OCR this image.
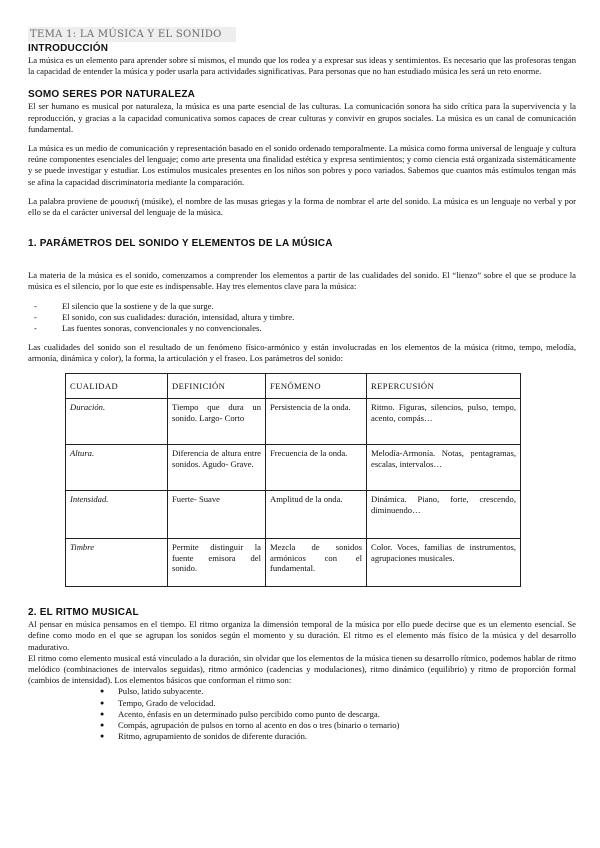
TEMA 1: LA MÚSICA Y EL SONIDO
INTRODUCCIÓN

La música es un elemento para aprender sobre sí mismos, el mundo que los rodea y a expresar sus ideas y sentimientos. Es necesario que las profesoras tengan la capacidad de entender la música y poder usarla para actividades significativas. Para personas que no han estudiado música les será un reto enorme.

SOMO SERES POR NATURALEZA

El ser humano es musical por naturaleza, la música es una parte esencial de las culturas. La comunicación sonora ha sido crítica para la supervivencia y la reproducción, y gracias a la capacidad comunicativa somos capaces de crear culturas y convivir en grupos sociales. La música es un canal de comunicación fundamental.

La música es un medio de comunicación y representación basado en el sonido ordenado temporalmente. La música como forma universal de lenguaje y cultura reúne componentes esenciales del lenguaje; como arte presenta una finalidad estética y expresa sentimientos; y como ciencia está organizada sistemáticamente y se puede investigar y estudiar. Los estímulos musicales presentes en los niños son pobres y poco variados. Sabemos que cuantos más estímulos tengan más se afina la capacidad discriminatoria mediante la comparación.

La palabra proviene de μουσική (músike), el nombre de las musas griegas y la forma de nombrar el arte del sonido. La música es un lenguaje no verbal y por ello se da el carácter universal del lenguaje de la música.

1. PARÁMETROS DEL SONIDO Y ELEMENTOS DE LA MÚSICA

La materia de la música es el sonido, comenzamos a comprender los elementos a partir de las cualidades del sonido. El “lienzo” sobre el que se produce la música es el silencio, por lo que este es indispensable. Hay tres elementos clave para la música:

- El silencio que la sostiene y de la que surge.
- El sonido, con sus cualidades: duración, intensidad, altura y timbre.
- Las fuentes sonoras, convencionales y no convencionales.

Las cualidades del sonido son el resultado de un fenómeno físico-armónico y están involucradas en los elementos de la música (ritmo, tempo, melodía, armonía, dinámica y color), la forma, la articulación y el fraseo. Los parámetros del sonido:

CUALIDAD	DEFINICIÓN	FENÓMENO	REPERCUSIÓN
Duración.	Tiempo que dura un sonido. Largo- Corto	Persistencia de la onda.	Ritmo. Figuras, silencios, pulso, tempo, acento, compás…
Altura.	Diferencia de altura entre sonidos. Agudo- Grave.	Frecuencia de la onda.	Melodía-Armonía. Notas, pentagramas, escalas, intervalos…
Intensidad.	Fuerte- Suave	Amplitud de la onda.	Dinámica. Piano, forte, crescendo, diminuendo…
Timbre	Permite distinguir la fuente emisora del sonido.	Mezcla de sonidos armónicos con el fundamental.	Color. Voces, familias de instrumentos, agrupaciones musicales.
2. EL RITMO MUSICAL

Al pensar en música pensamos en el tiempo. El ritmo organiza la dimensión temporal de la música por ello puede decirse que es un elemento esencial. Se define como modo en el que se agrupan los sonidos según el momento y su duración. El ritmo es el elemento más físico de la música y del desarrollo madurativo.

El ritmo como elemento musical está vinculado a la duración, sin olvidar que los elementos de la música tienen su desarrollo rítmico, podemos hablar de ritmo melódico (combinaciones de intervalos seguidas), ritmo armónico (cadencias y modulaciones), ritmo dinámico (equilibrio) y ritmo de proporción formal (cambios de intensidad). Los elementos básicos que conforman el ritmo son:

● Pulso, latido subyacente.
● Tempo, Grado de velocidad.
● Acento, énfasis en un determinado pulso percibido como punto de descarga.
● Compás, agrupación de pulsos en torno al acento en dos o tres (binario o ternario)
● Ritmo, agrupamiento de sonidos de diferente duración.
